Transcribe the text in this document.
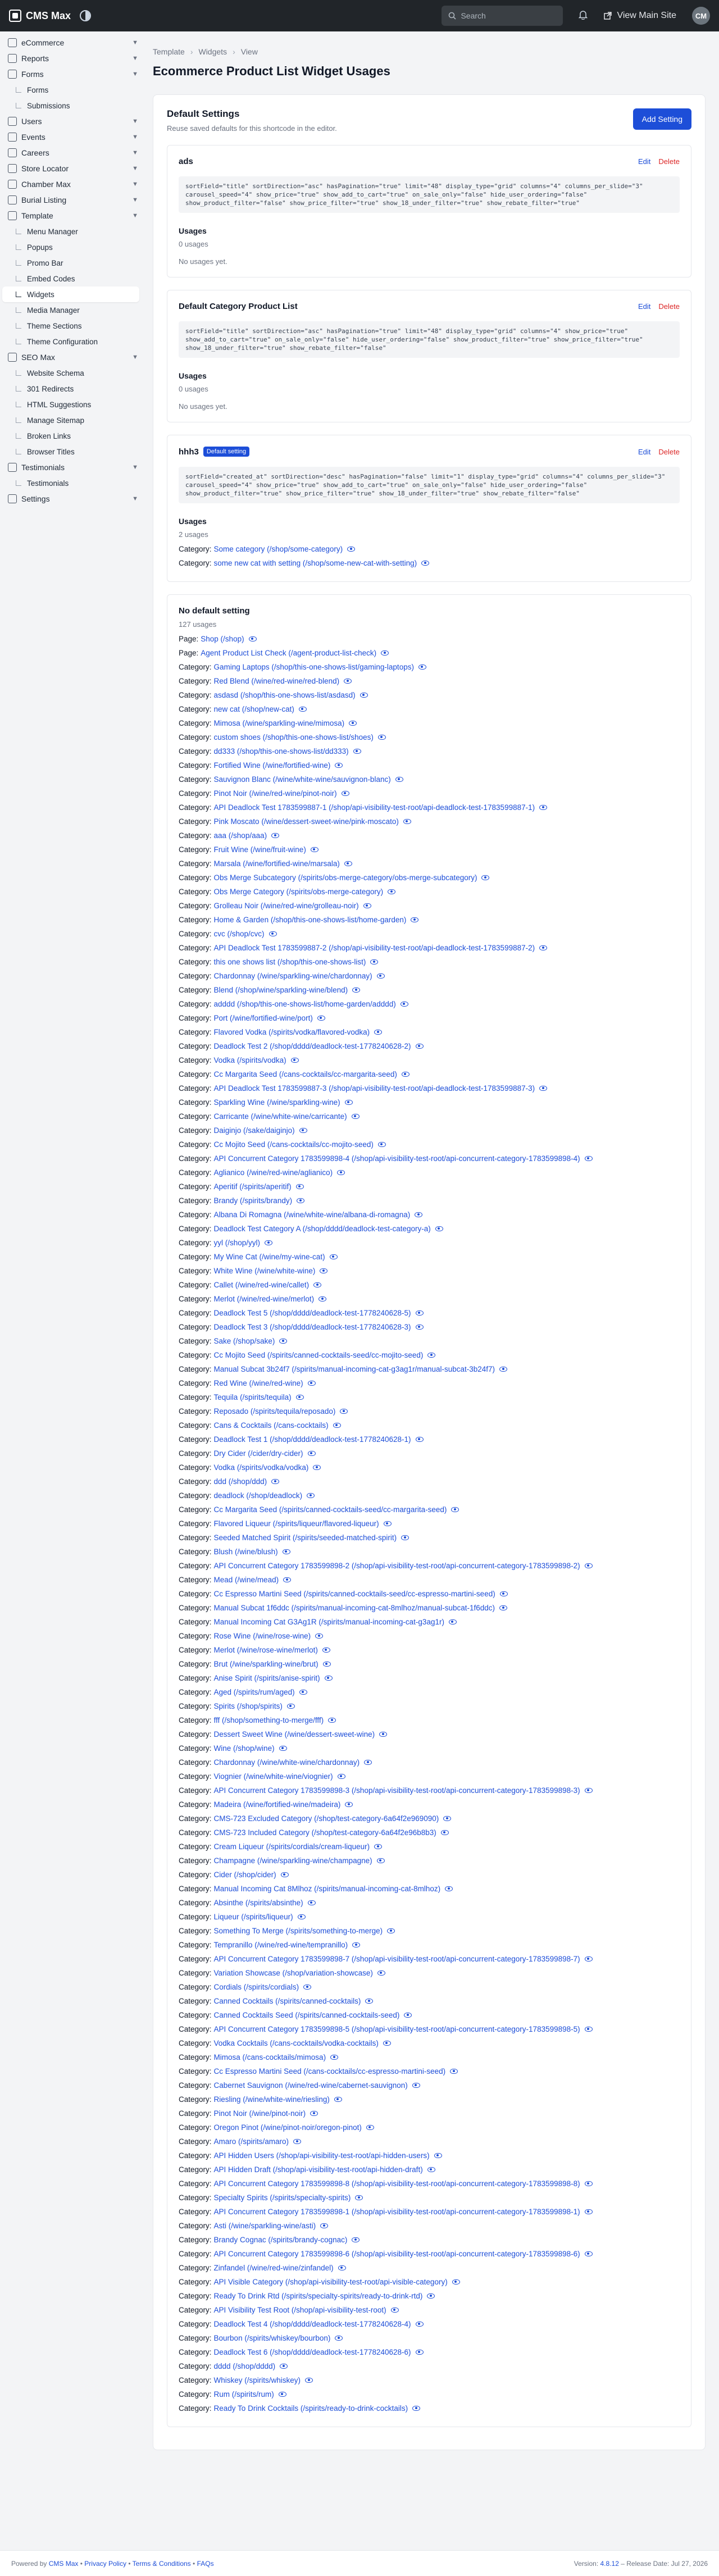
CMS Max
Search	View Main Site	CM
eCommerce	▼
Reports	▼
Forms	▼
Forms
Submissions
Users	▼
Events	▼
Careers	▼
Store Locator	▼
Chamber Max	▼
Burial Listing	▼
Template	▼
Menu Manager
Popups
Promo Bar
Embed Codes
Widgets
Media Manager
Theme Sections
Theme Configuration
SEO Max	▼
Website Schema
301 Redirects
HTML Suggestions
Manage Sitemap
Broken Links
Browser Titles
Testimonials	▼
Testimonials
Settings	▼
Template › Widgets › View
Ecommerce Product List Widget Usages
Default Settings

Reuse saved defaults for this shortcode in the editor.

Add Setting
ads	Edit Delete
sortField="title" sortDirection="asc" hasPagination="true" limit="48" display_type="grid" columns="4" columns_per_slide="3" carousel_speed="4" show_price="true" show_add_to_cart="true" on_sale_only="false" hide_user_ordering="false" show_product_filter="false" show_price_filter="true" show_18_under_filter="true" show_rebate_filter="true"
Usages
0 usages
No usages yet.
Default Category Product List	Edit Delete
sortField="title" sortDirection="asc" hasPagination="true" limit="48" display_type="grid" columns="4" show_price="true" show_add_to_cart="true" on_sale_only="false" hide_user_ordering="false" show_product_filter="true" show_price_filter="true" show_18_under_filter="true" show_rebate_filter="false"
Usages
0 usages
No usages yet.
hhh3	Default setting	Edit Delete
sortField="created_at" sortDirection="desc" hasPagination="false" limit="1" display_type="grid" columns="4" columns_per_slide="3" carousel_speed="4" show_price="true" show_add_to_cart="true" on_sale_only="false" hide_user_ordering="false" show_product_filter="true" show_price_filter="true" show_18_under_filter="true" show_rebate_filter="false"
Usages
2 usages
Category: Some category (/shop/some-category)
Category: some new cat with setting (/shop/some-new-cat-with-setting)
No default setting
127 usages
Page: Shop (/shop)
Page: Agent Product List Check (/agent-product-list-check)
Category: Gaming Laptops (/shop/this-one-shows-list/gaming-laptops)
Category: Red Blend (/wine/red-wine/red-blend)
Category: asdasd (/shop/this-one-shows-list/asdasd)
Category: new cat (/shop/new-cat)
Category: Mimosa (/wine/sparkling-wine/mimosa)
Category: custom shoes (/shop/this-one-shows-list/shoes)
Category: dd333 (/shop/this-one-shows-list/dd333)
Category: Fortified Wine (/wine/fortified-wine)
Category: Sauvignon Blanc (/wine/white-wine/sauvignon-blanc)
Category: Pinot Noir (/wine/red-wine/pinot-noir)
Category: API Deadlock Test 1783599887-1 (/shop/api-visibility-test-root/api-deadlock-test-1783599887-1)
Category: Pink Moscato (/wine/dessert-sweet-wine/pink-moscato)
Category: aaa (/shop/aaa)
Category: Fruit Wine (/wine/fruit-wine)
Category: Marsala (/wine/fortified-wine/marsala)
Category: Obs Merge Subcategory (/spirits/obs-merge-category/obs-merge-subcategory)
Category: Obs Merge Category (/spirits/obs-merge-category)
Category: Grolleau Noir (/wine/red-wine/grolleau-noir)
Category: Home & Garden (/shop/this-one-shows-list/home-garden)
Category: cvc (/shop/cvc)
Category: API Deadlock Test 1783599887-2 (/shop/api-visibility-test-root/api-deadlock-test-1783599887-2)
Category: this one shows list (/shop/this-one-shows-list)
Category: Chardonnay (/wine/sparkling-wine/chardonnay)
Category: Blend (/shop/wine/sparkling-wine/blend)
Category: adddd (/shop/this-one-shows-list/home-garden/adddd)
Category: Port (/wine/fortified-wine/port)
Category: Flavored Vodka (/spirits/vodka/flavored-vodka)
Category: Deadlock Test 2 (/shop/dddd/deadlock-test-1778240628-2)
Category: Vodka (/spirits/vodka)
Category: Cc Margarita Seed (/cans-cocktails/cc-margarita-seed)
Category: API Deadlock Test 1783599887-3 (/shop/api-visibility-test-root/api-deadlock-test-1783599887-3)
Category: Sparkling Wine (/wine/sparkling-wine)
Category: Carricante (/wine/white-wine/carricante)
Category: Daiginjo (/sake/daiginjo)
Category: Cc Mojito Seed (/cans-cocktails/cc-mojito-seed)
Category: API Concurrent Category 1783599898-4 (/shop/api-visibility-test-root/api-concurrent-category-1783599898-4)
Category: Aglianico (/wine/red-wine/aglianico)
Category: Aperitif (/spirits/aperitif)
Category: Brandy (/spirits/brandy)
Category: Albana Di Romagna (/wine/white-wine/albana-di-romagna)
Category: Deadlock Test Category A (/shop/dddd/deadlock-test-category-a)
Category: yyl (/shop/yyl)
Category: My Wine Cat (/wine/my-wine-cat)
Category: White Wine (/wine/white-wine)
Category: Callet (/wine/red-wine/callet)
Category: Merlot (/wine/red-wine/merlot)
Category: Deadlock Test 5 (/shop/dddd/deadlock-test-1778240628-5)
Category: Deadlock Test 3 (/shop/dddd/deadlock-test-1778240628-3)
Category: Sake (/shop/sake)
Category: Cc Mojito Seed (/spirits/canned-cocktails-seed/cc-mojito-seed)
Category: Manual Subcat 3b24f7 (/spirits/manual-incoming-cat-g3ag1r/manual-subcat-3b24f7)
Category: Red Wine (/wine/red-wine)
Category: Tequila (/spirits/tequila)
Category: Reposado (/spirits/tequila/reposado)
Category: Cans & Cocktails (/cans-cocktails)
Category: Deadlock Test 1 (/shop/dddd/deadlock-test-1778240628-1)
Category: Dry Cider (/cider/dry-cider)
Category: Vodka (/spirits/vodka/vodka)
Category: ddd (/shop/ddd)
Category: deadlock (/shop/deadlock)
Category: Cc Margarita Seed (/spirits/canned-cocktails-seed/cc-margarita-seed)
Category: Flavored Liqueur (/spirits/liqueur/flavored-liqueur)
Category: Seeded Matched Spirit (/spirits/seeded-matched-spirit)
Category: Blush (/wine/blush)
Category: API Concurrent Category 1783599898-2 (/shop/api-visibility-test-root/api-concurrent-category-1783599898-2)
Category: Mead (/wine/mead)
Category: Cc Espresso Martini Seed (/spirits/canned-cocktails-seed/cc-espresso-martini-seed)
Category: Manual Subcat 1f6ddc (/spirits/manual-incoming-cat-8mlhoz/manual-subcat-1f6ddc)
Category: Manual Incoming Cat G3Ag1R (/spirits/manual-incoming-cat-g3ag1r)
Category: Rose Wine (/wine/rose-wine)
Category: Merlot (/wine/rose-wine/merlot)
Category: Brut (/wine/sparkling-wine/brut)
Category: Anise Spirit (/spirits/anise-spirit)
Category: Aged (/spirits/rum/aged)
Category: Spirits (/shop/spirits)
Category: fff (/shop/something-to-merge/fff)
Category: Dessert Sweet Wine (/wine/dessert-sweet-wine)
Category: Wine (/shop/wine)
Category: Chardonnay (/wine/white-wine/chardonnay)
Category: Viognier (/wine/white-wine/viognier)
Category: API Concurrent Category 1783599898-3 (/shop/api-visibility-test-root/api-concurrent-category-1783599898-3)
Category: Madeira (/wine/fortified-wine/madeira)
Category: CMS-723 Excluded Category (/shop/test-category-6a64f2e969090)
Category: CMS-723 Included Category (/shop/test-category-6a64f2e96b8b3)
Category: Cream Liqueur (/spirits/cordials/cream-liqueur)
Category: Champagne (/wine/sparkling-wine/champagne)
Category: Cider (/shop/cider)
Category: Manual Incoming Cat 8Mlhoz (/spirits/manual-incoming-cat-8mlhoz)
Category: Absinthe (/spirits/absinthe)
Category: Liqueur (/spirits/liqueur)
Category: Something To Merge (/spirits/something-to-merge)
Category: Tempranillo (/wine/red-wine/tempranillo)
Category: API Concurrent Category 1783599898-7 (/shop/api-visibility-test-root/api-concurrent-category-1783599898-7)
Category: Variation Showcase (/shop/variation-showcase)
Category: Cordials (/spirits/cordials)
Category: Canned Cocktails (/spirits/canned-cocktails)
Category: Canned Cocktails Seed (/spirits/canned-cocktails-seed)
Category: API Concurrent Category 1783599898-5 (/shop/api-visibility-test-root/api-concurrent-category-1783599898-5)
Category: Vodka Cocktails (/cans-cocktails/vodka-cocktails)
Category: Mimosa (/cans-cocktails/mimosa)
Category: Cc Espresso Martini Seed (/cans-cocktails/cc-espresso-martini-seed)
Category: Cabernet Sauvignon (/wine/red-wine/cabernet-sauvignon)
Category: Riesling (/wine/white-wine/riesling)
Category: Pinot Noir (/wine/pinot-noir)
Category: Oregon Pinot (/wine/pinot-noir/oregon-pinot)
Category: Amaro (/spirits/amaro)
Category: API Hidden Users (/shop/api-visibility-test-root/api-hidden-users)
Category: API Hidden Draft (/shop/api-visibility-test-root/api-hidden-draft)
Category: API Concurrent Category 1783599898-8 (/shop/api-visibility-test-root/api-concurrent-category-1783599898-8)
Category: Specialty Spirits (/spirits/specialty-spirits)
Category: API Concurrent Category 1783599898-1 (/shop/api-visibility-test-root/api-concurrent-category-1783599898-1)
Category: Asti (/wine/sparkling-wine/asti)
Category: Brandy Cognac (/spirits/brandy-cognac)
Category: API Concurrent Category 1783599898-6 (/shop/api-visibility-test-root/api-concurrent-category-1783599898-6)
Category: Zinfandel (/wine/red-wine/zinfandel)
Category: API Visible Category (/shop/api-visibility-test-root/api-visible-category)
Category: Ready To Drink Rtd (/spirits/specialty-spirits/ready-to-drink-rtd)
Category: API Visibility Test Root (/shop/api-visibility-test-root)
Category: Deadlock Test 4 (/shop/dddd/deadlock-test-1778240628-4)
Category: Bourbon (/spirits/whiskey/bourbon)
Category: Deadlock Test 6 (/shop/dddd/deadlock-test-1778240628-6)
Category: dddd (/shop/dddd)
Category: Whiskey (/spirits/whiskey)
Category: Rum (/spirits/rum)
Category: Ready To Drink Cocktails (/spirits/ready-to-drink-cocktails)
Powered by CMS Max • Privacy Policy • Terms & Conditions • FAQs	Version: 4.8.12 – Release Date: Jul 27, 2026
